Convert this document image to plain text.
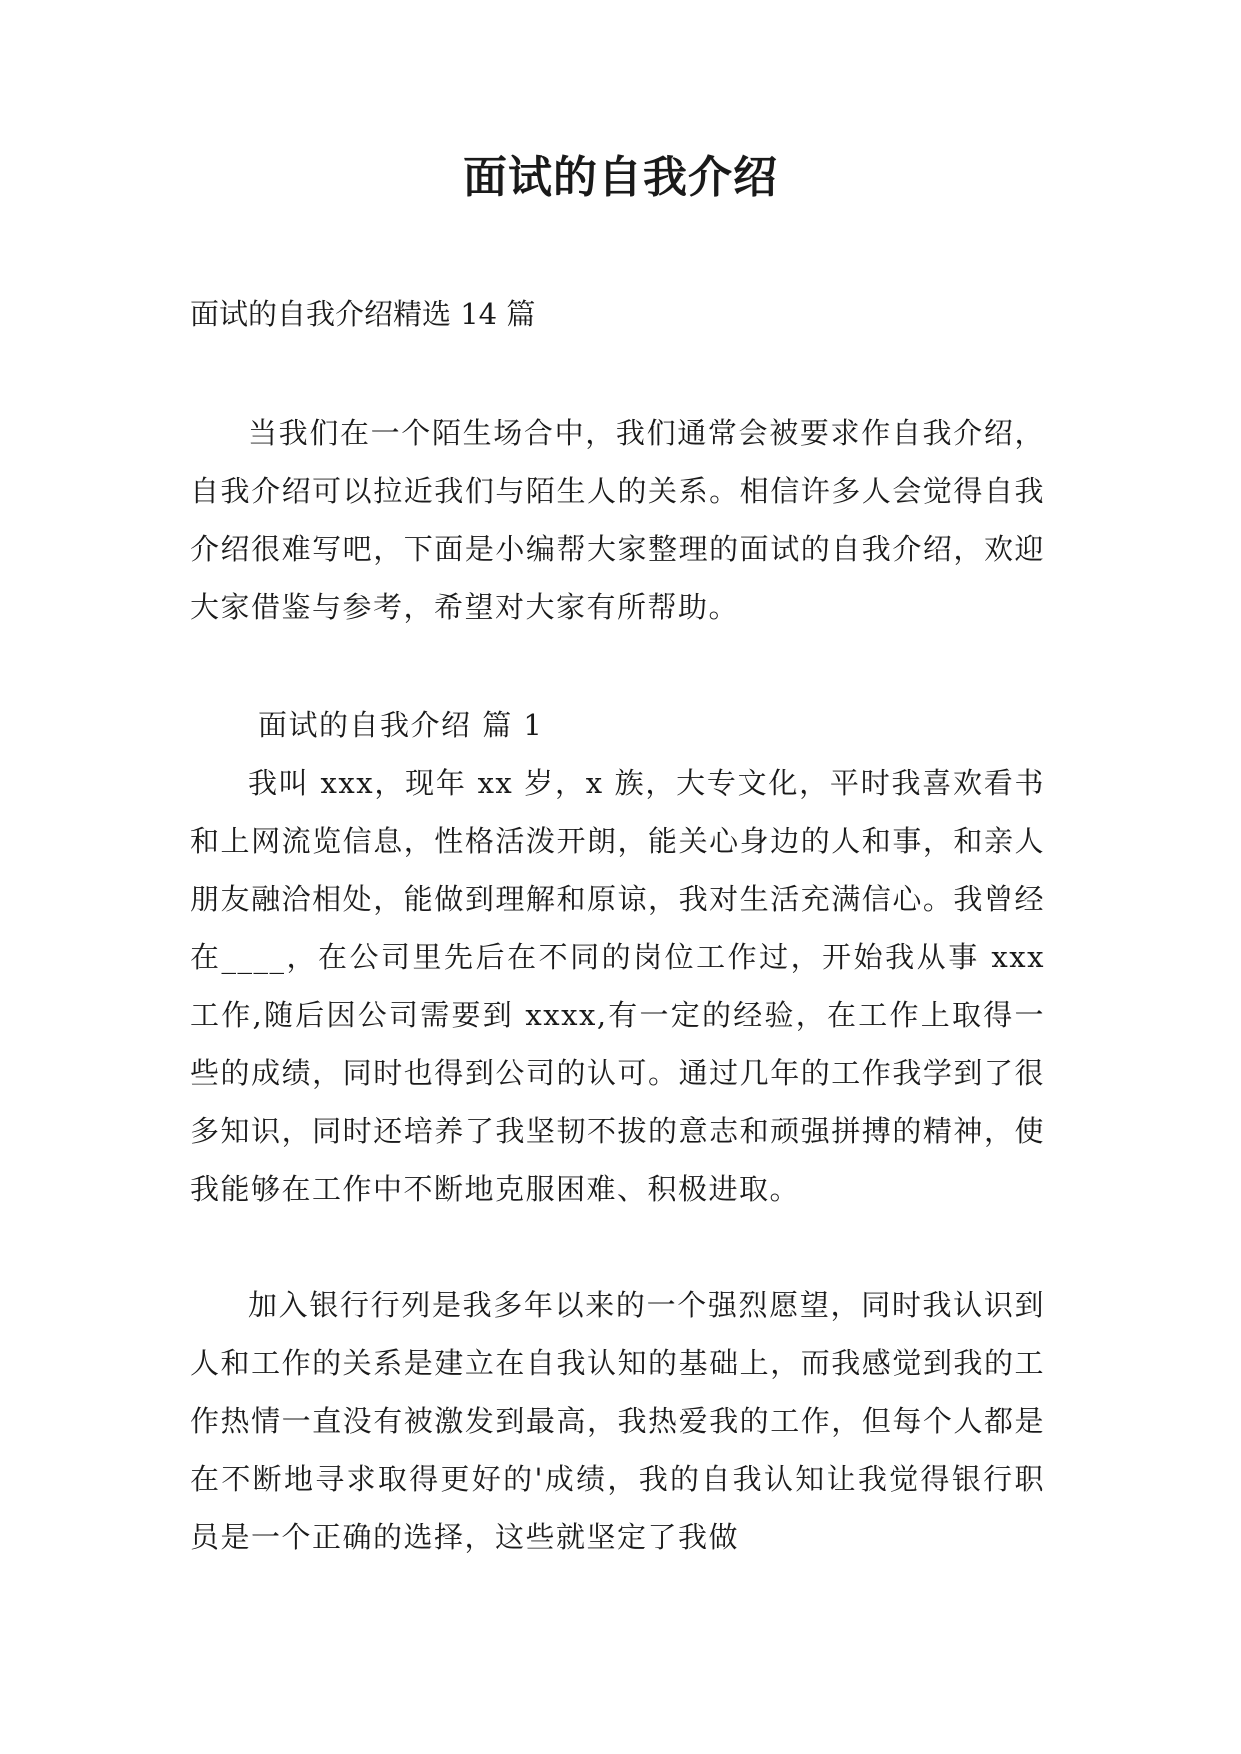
面试的自我介绍

面试的自我介绍精选 14 篇

当我们在一个陌生场合中，我们通常会被要求作自我介绍，自我介绍可以拉近我们与陌生人的关系。相信许多人会觉得自我介绍很难写吧，下面是小编帮大家整理的面试的自我介绍，欢迎大家借鉴与参考，希望对大家有所帮助。

面试的自我介绍 篇 1

我叫 xxx，现年 xx 岁，x 族，大专文化，平时我喜欢看书和上网流览信息，性格活泼开朗，能关心身边的人和事，和亲人朋友融洽相处，能做到理解和原谅，我对生活充满信心。我曾经在____，在公司里先后在不同的岗位工作过，开始我从事 xxx 工作,随后因公司需要到 xxxx,有一定的经验，在工作上取得一些的成绩，同时也得到公司的认可。通过几年的工作我学到了很多知识，同时还培养了我坚韧不拔的意志和顽强拼搏的精神，使我能够在工作中不断地克服困难、积极进取。

加入银行行列是我多年以来的一个强烈愿望，同时我认识到人和工作的关系是建立在自我认知的基础上，而我感觉到我的工作热情一直没有被激发到最高，我热爱我的工作，但每个人都是在不断地寻求取得更好的'成绩，我的自我认知让我觉得银行职员是一个正确的选择，这些就坚定了我做
